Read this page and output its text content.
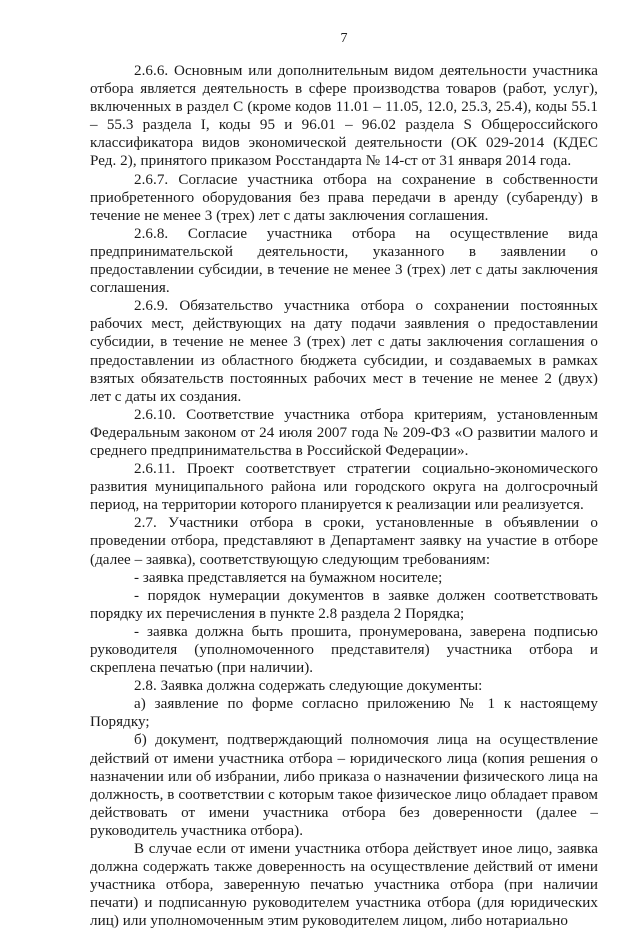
7

2.6.6. Основным или дополнительным видом деятельности участника отбора является деятельность в сфере производства товаров (работ, услуг), включенных в раздел С (кроме кодов 11.01 – 11.05, 12.0, 25.3, 25.4), коды 55.1 – 55.3 раздела I, коды 95 и 96.01 – 96.02 раздела S Общероссийского классификатора видов экономической деятельности (ОК 029-2014 (КДЕС Ред. 2), принятого приказом Росстандарта № 14-ст от 31 января 2014 года.

2.6.7. Согласие участника отбора на сохранение в собственности приобретенного оборудования без права передачи в аренду (субаренду) в течение не менее 3 (трех) лет с даты заключения соглашения.

2.6.8. Согласие участника отбора на осуществление вида предпринимательской деятельности, указанного в заявлении о предоставлении субсидии, в течение не менее 3 (трех) лет с даты заключения соглашения.

2.6.9. Обязательство участника отбора о сохранении постоянных рабочих мест, действующих на дату подачи заявления о предоставлении субсидии, в течение не менее 3 (трех) лет с даты заключения соглашения о предоставлении из областного бюджета субсидии, и создаваемых в рамках взятых обязательств постоянных рабочих мест в течение не менее 2 (двух) лет с даты их создания.

2.6.10. Соответствие участника отбора критериям, установленным Федеральным законом от 24 июля 2007 года № 209-ФЗ «О развитии малого и среднего предпринимательства в Российской Федерации».

2.6.11. Проект соответствует стратегии социально-экономического развития муниципального района или городского округа на долгосрочный период, на территории которого планируется к реализации или реализуется.

2.7. Участники отбора в сроки, установленные в объявлении о проведении отбора, представляют в Департамент заявку на участие в отборе (далее – заявка), соответствующую следующим требованиям:

- заявка представляется на бумажном носителе;

- порядок нумерации документов в заявке должен соответствовать порядку их перечисления в пункте 2.8 раздела 2 Порядка;

- заявка должна быть прошита, пронумерована, заверена подписью руководителя (уполномоченного представителя) участника отбора и скреплена печатью (при наличии).

2.8. Заявка должна содержать следующие документы:

а) заявление по форме согласно приложению № 1 к настоящему Порядку;

б) документ, подтверждающий полномочия лица на осуществление действий от имени участника отбора – юридического лица (копия решения о назначении или об избрании, либо приказа о назначении физического лица на должность, в соответствии с которым такое физическое лицо обладает правом действовать от имени участника отбора без доверенности (далее – руководитель участника отбора).

В случае если от имени участника отбора действует иное лицо, заявка должна содержать также доверенность на осуществление действий от имени участника отбора, заверенную печатью участника отбора (при наличии печати) и подписанную руководителем участника отбора (для юридических лиц) или уполномоченным этим руководителем лицом, либо нотариально
